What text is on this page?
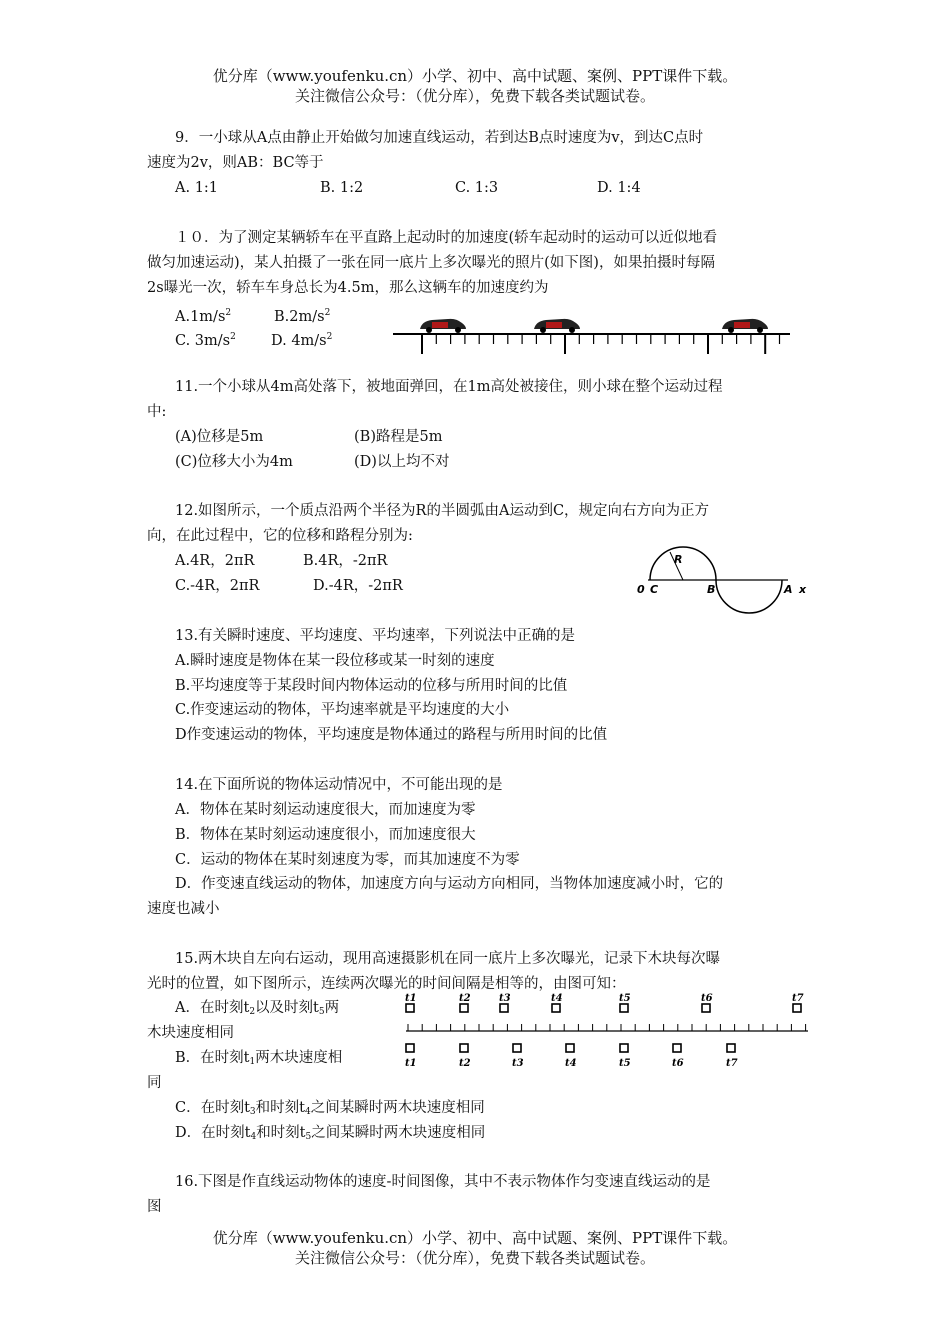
优分库（www.youfenku.cn）小学、初中、高中试题、案例、PPT课件下载。
关注微信公众号：（优分库），免费下载各类试题试卷。
9．一小球从A点由静止开始做匀加速直线运动，若到达B点时速度为v，到达C点时
速度为2v，则AB：BC等于
A. 1:1	B. 1:2	C. 1:3	D. 1:4
１０．为了测定某辆轿车在平直路上起动时的加速度(轿车起动时的运动可以近似地看
做匀加速运动)，某人拍摄了一张在同一底片上多次曝光的照片(如下图)，如果拍摄时每隔
2s曝光一次，轿车车身总长为4.5m，那么这辆车的加速度约为
$A.1m/s^2$	$B.2m/s^2$
C. $3m/s^2$ D. $4m/s^2$
11.一个小球从4m高处落下，被地面弹回，在1m高处被接住，则小球在整个运动过程
中:
(A)位移是5m	(B)路程是5m
(C)位移大小为4m	(D)以上均不对
12.如图所示，一个质点沿两个半径为R的半圆弧由A运动到C，规定向右方向为正方
向，在此过程中，它的位移和路程分别为:
A.4R，2πR	B.4R，-2πR
C.-4R，2πR	D.-4R，-2πR	0 C	B	A x
R
13.有关瞬时速度、平均速度、平均速率，下列说法中正确的是
A.瞬时速度是物体在某一段位移或某一时刻的速度
B.平均速度等于某段时间内物体运动的位移与所用时间的比值
C.作变速运动的物体，平均速率就是平均速度的大小
D作变速运动的物体，平均速度是物体通过的路程与所用时间的比值
14.在下面所说的物体运动情况中，不可能出现的是
A．物体在某时刻运动速度很大，而加速度为零
B．物体在某时刻运动速度很小，而加速度很大
C．运动的物体在某时刻速度为零，而其加速度不为零
D．作变速直线运动的物体，加速度方向与运动方向相同，当物体加速度减小时，它的
速度也减小
15.两木块自左向右运动，现用高速摄影机在同一底片上多次曝光，记录下木块每次曝
光时的位置，如下图所示，连续两次曝光的时间间隔是相等的，由图可知：
A．在时刻$t_2$以及时刻$t_5$两
木块速度相同
B．在时刻$t_1$两木块速度相
同
C．在时刻$t_3$和时刻$t_4$之间某瞬时两木块速度相同
D．在时刻$t_4$和时刻$t_5$之间某瞬时两木块速度相同
t1	t2	t3	t4	t5	t6	t7
t1	t2	t3	t4	t5	t6	t7
16.下图是作直线运动物体的速度-时间图像，其中不表示物体作匀变速直线运动的是
图
优分库（www.youfenku.cn）小学、初中、高中试题、案例、PPT课件下载。
关注微信公众号：（优分库），免费下载各类试题试卷。
